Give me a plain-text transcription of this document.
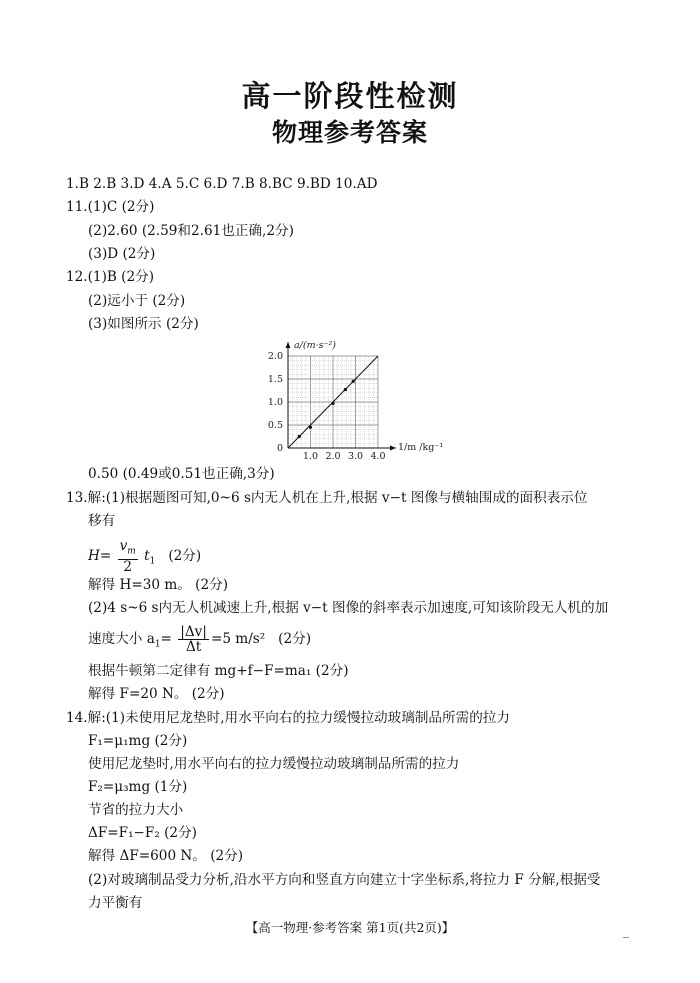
高一阶段性检测
物理参考答案
1.B 2.B 3.D 4.A 5.C 6.D 7.B 8.BC 9.BD 10.AD
11.(1)C (2分)
(2)2.60 (2.59和2.61也正确,2分)
(3)D (2分)
12.(1)B (2分)
(2)远小于 (2分)
(3)如图所示 (2分)
0
0.5
1.0
1.5
2.0
1.0 2.0 3.0 4.0
a/(m·s⁻²)
1/m /kg⁻¹
0.50 (0.49或0.51也正确,3分)
13.解:(1)根据题图可知,0~6 s内无人机在上升,根据 v−t 图像与横轴围成的面积表示位
移有
$H= \frac{v_m}{2} t_1$ (2分)
解得 H=30 m。 (2分)
(2)4 s~6 s内无人机减速上升,根据 v−t 图像的斜率表示加速度,可知该阶段无人机的加
速度大小 $a_1= \frac{|\Delta v|}{\Delta t} =5$ m/s² (2分)
根据牛顿第二定律有 mg+f−F=ma₁ (2分)
解得 F=20 N。 (2分)
14.解:(1)未使用尼龙垫时,用水平向右的拉力缓慢拉动玻璃制品所需的拉力
F₁=μ₁mg (2分)
使用尼龙垫时,用水平向右的拉力缓慢拉动玻璃制品所需的拉力
F₂=μ₃mg (1分)
节省的拉力大小
ΔF=F₁−F₂ (2分)
解得 ΔF=600 N。 (2分)
(2)对玻璃制品受力分析,沿水平方向和竖直方向建立十字坐标系,将拉力 F 分解,根据受
力平衡有
【高一物理·参考答案 第1页(共2页)】	_
